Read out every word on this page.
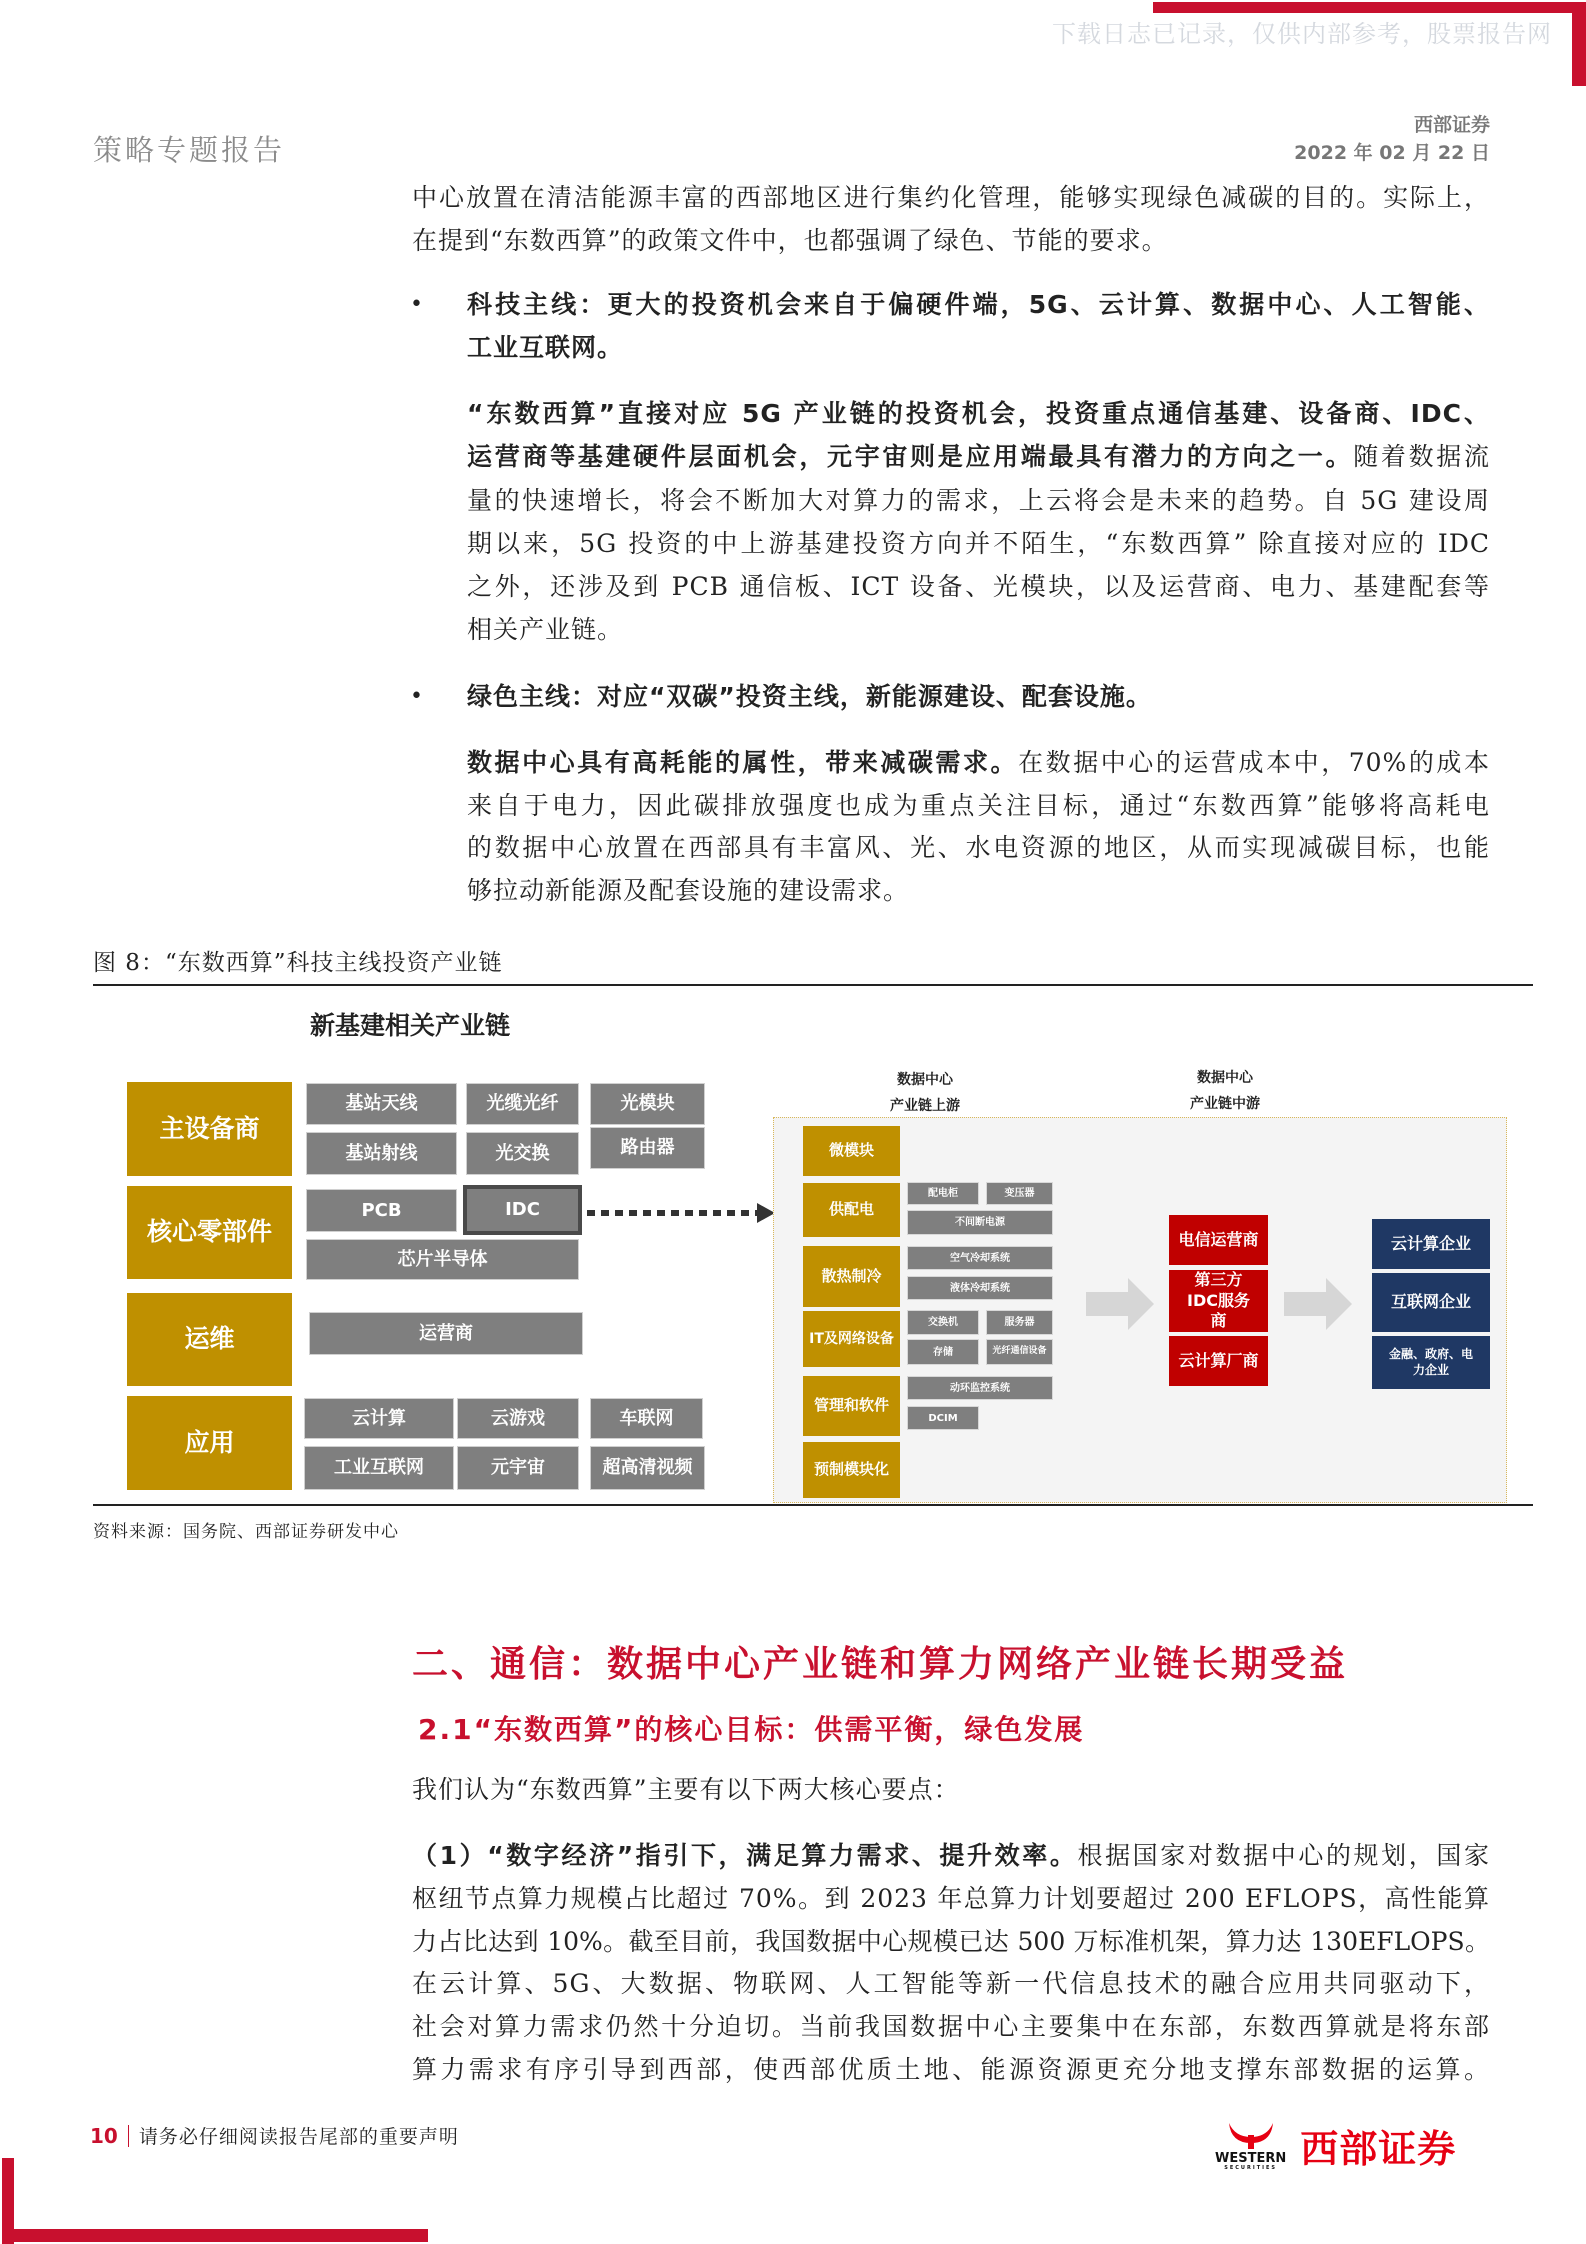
下载日志已记录，仅供内部参考，股票报告网
策略专题报告
西部证券
2022 年 02 月 22 日
中心放置在清洁能源丰富的西部地区进行集约化管理，能够实现绿色减碳的目的。实际上，
在提到“东数西算”的政策文件中，也都强调了绿色、节能的要求。
• 科技主线：更大的投资机会来自于偏硬件端，5G、云计算、数据中心、人工智能、
工业互联网。
“东数西算”直接对应 5G 产业链的投资机会，投资重点通信基建、设备商、IDC、
运营商等基建硬件层面机会，元宇宙则是应用端最具有潜力的方向之一。随着数据流
量的快速增长，将会不断加大对算力的需求，上云将会是未来的趋势。自 5G 建设周
期以来，5G 投资的中上游基建投资方向并不陌生，“东数西算” 除直接对应的 IDC
之外，还涉及到 PCB 通信板、ICT 设备、光模块，以及运营商、电力、基建配套等
相关产业链。
• 绿色主线：对应“双碳”投资主线，新能源建设、配套设施。
数据中心具有高耗能的属性，带来减碳需求。在数据中心的运营成本中，70%的成本
来自于电力，因此碳排放强度也成为重点关注目标，通过“东数西算”能够将高耗电
的数据中心放置在西部具有丰富风、光、水电资源的地区，从而实现减碳目标，也能
够拉动新能源及配套设施的建设需求。
图 8：“东数西算”科技主线投资产业链
新基建相关产业链
主设备商
核心零部件
运维
应用
基站天线	光缆光纤	光模块
基站射线	光交换	路由器
PCB	IDC
芯片半导体
运营商
云计算	云游戏	车联网
工业互联网	元宇宙	超高清视频
数据中心
产业链上游
数据中心
产业链中游
微模块
供配电
散热制冷
IT及网络设备
管理和软件
预制模块化
配电柜	变压器
不间断电源
空气冷却系统
液体冷却系统
交换机	服务器
存储	光纤通信设备
动环监控系统
DCIM
电信运营商
第三方IDC服务商
云计算厂商
云计算企业
互联网企业
金融、政府、电力企业
资料来源：国务院、西部证券研发中心
二、通信：数据中心产业链和算力网络产业链长期受益
2.1“东数西算”的核心目标：供需平衡，绿色发展
我们认为“东数西算”主要有以下两大核心要点：
（1）“数字经济”指引下，满足算力需求、提升效率。根据国家对数据中心的规划，国家
枢纽节点算力规模占比超过 70%。到 2023 年总算力计划要超过 200 EFLOPS，高性能算
力占比达到 10%。截至目前，我国数据中心规模已达 500 万标准机架，算力达 130EFLOPS。
在云计算、5G、大数据、物联网、人工智能等新一代信息技术的融合应用共同驱动下，
社会对算力需求仍然十分迫切。当前我国数据中心主要集中在东部，东数西算就是将东部
算力需求有序引导到西部，使西部优质土地、能源资源更充分地支撑东部数据的运算。
10 请务必仔细阅读报告尾部的重要声明
WESTERN
SECURITIES 西部证券
